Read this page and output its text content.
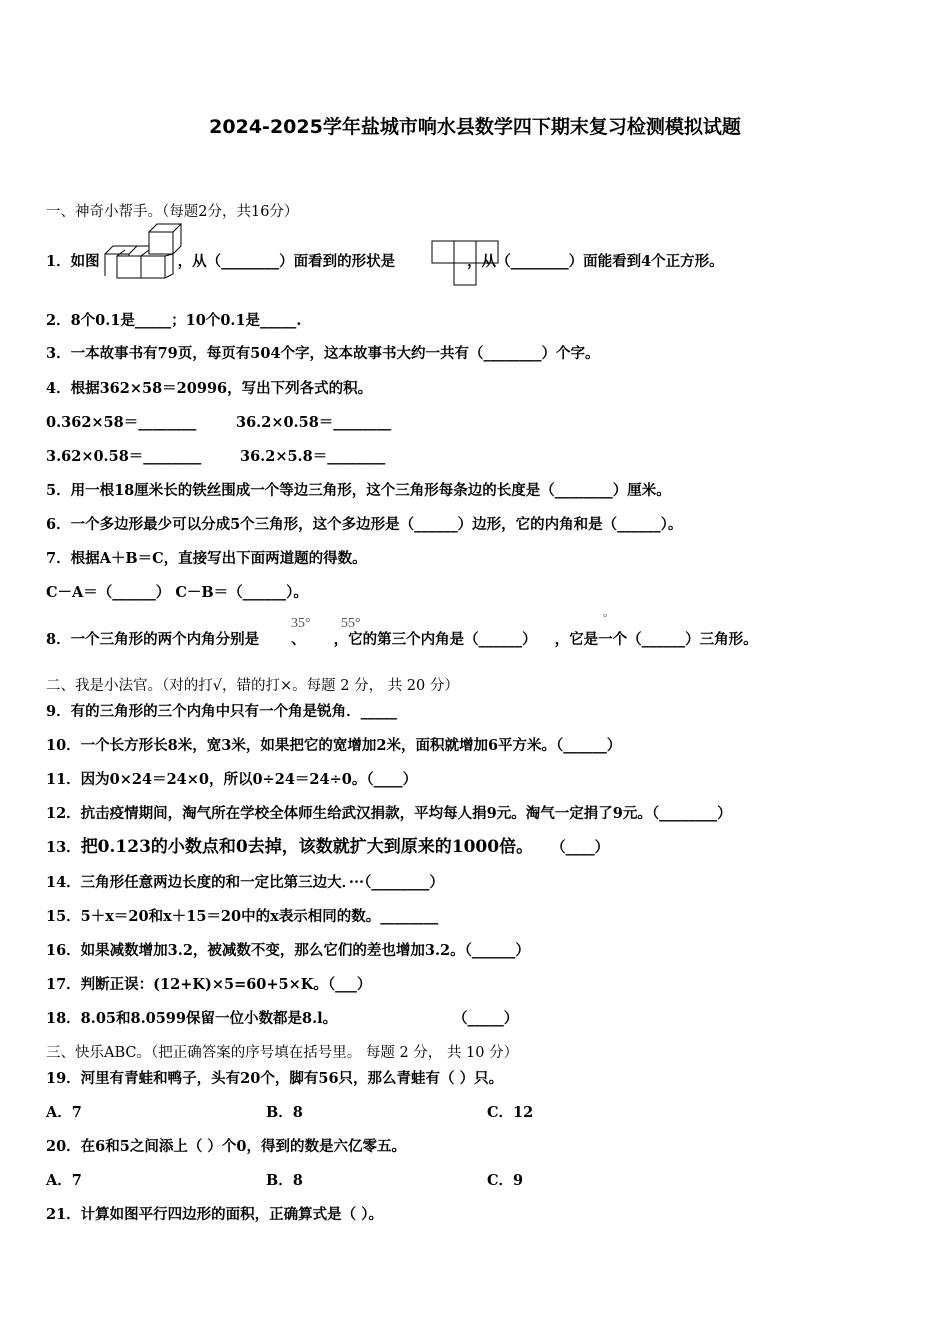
2024-2025学年盐城市响水县数学四下期末复习检测模拟试题
一、神奇小帮手。（每题2分，共16分）
1．如图	，从（________）面看到的形状是	，从（________）面能看到4个正方形。
2．8个0.1是_____；10个0.1是_____.
3．一本故事书有79页，每页有504个字，这本故事书大约一共有（________）个字。
4．根据362×58＝20996，写出下列各式的积。
0.362×58＝________	36.2×0.58＝________
3.62×0.58＝________	36.2×5.8＝________
5．用一根18厘米长的铁丝围成一个等边三角形，这个三角形每条边的长度是（________）厘米。
6．一个多边形最少可以分成5个三角形，这个多边形是（______）边形，它的内角和是（______）。
7．根据A＋B＝C，直接写出下面两道题的得数。
C－A＝（______） C－B＝（______）。
8．一个三角形的两个内角分别是 、 ，它的第三个内角是（______） ，它是一个（______）三角形。
35° 55°	°
二、我是小法官。（对的打√，错的打×。每题 2 分， 共 20 分）
9．有的三角形的三个内角中只有一个角是锐角．_____
10．一个长方形长8米，宽3米，如果把它的宽增加2米，面积就增加6平方米。（______）
11．因为0×24＝24×0，所以0÷24＝24÷0。（____）
12．抗击疫情期间，淘气所在学校全体师生给武汉捐款，平均每人捐9元。淘气一定捐了9元。（________）
13．把0.123的小数点和0去掉，该数就扩大到原来的1000倍。 （____）
14．三角形任意两边长度的和一定比第三边大．···（________）
15．5＋x＝20和x＋15＝20中的x表示相同的数。________
16．如果减数增加3.2，被减数不变，那么它们的差也增加3.2。（______）
17．判断正误：(12+K)×5=60+5×K。（___）
18．8.05和8.0599保留一位小数都是8.l。	（_____）
三、快乐ABC。（把正确答案的序号填在括号里。 每题 2 分， 共 10 分）
19．河里有青蛙和鸭子，头有20个，脚有56只，那么青蛙有（ ）只。
A．7	B．8	C．12
20．在6和5之间添上（ ）个0，得到的数是六亿零五。
A．7	B．8	C．9
21．计算如图平行四边形的面积，正确算式是（ ）。
